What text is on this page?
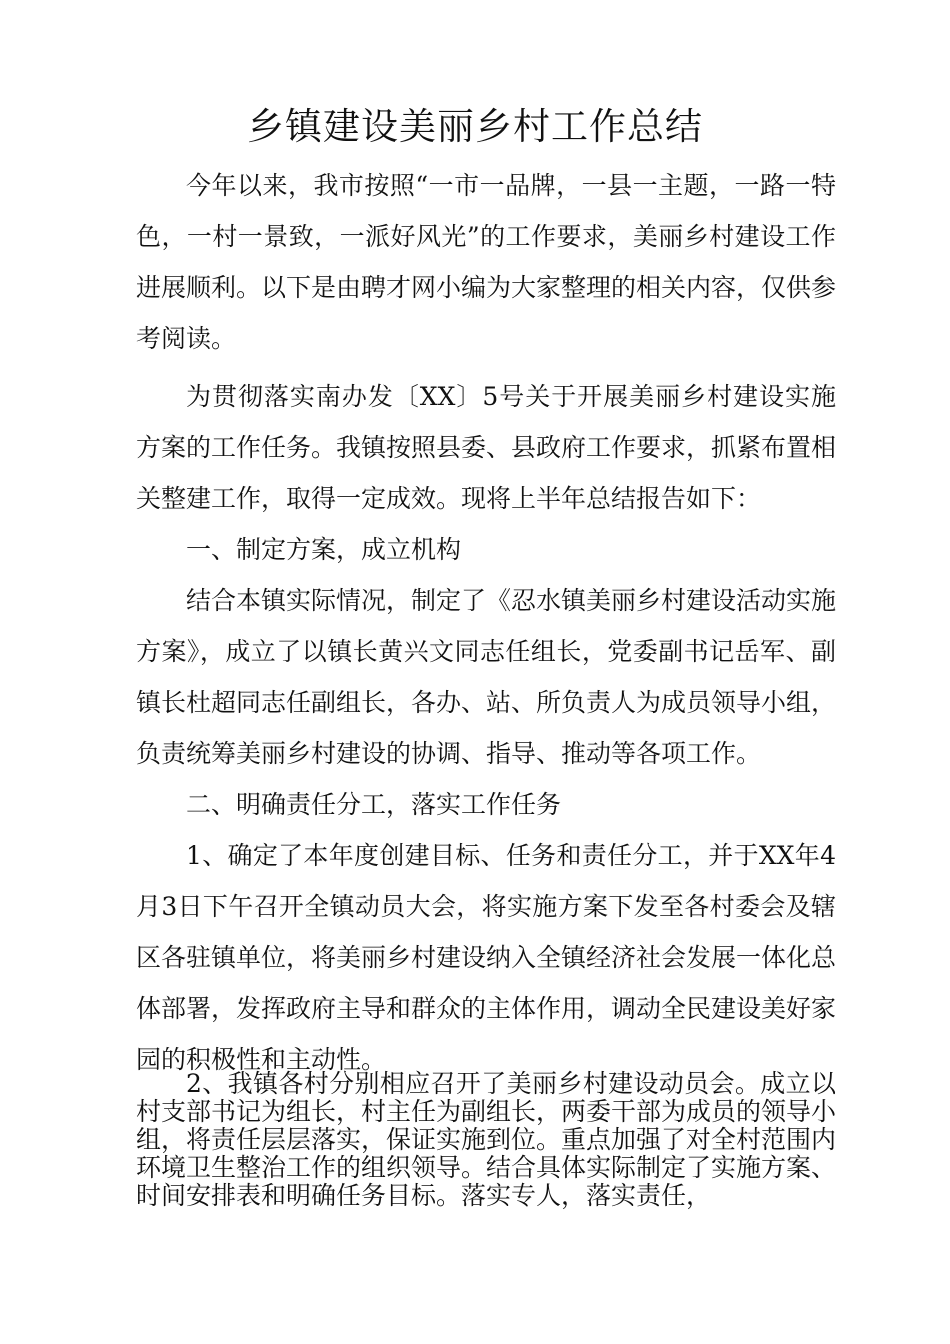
乡镇建设美丽乡村工作总结

今年以来，我市按照“一市一品牌，一县一主题，一路一特色，一村一景致，一派好风光”的工作要求，美丽乡村建设工作进展顺利。以下是由聘才网小编为大家整理的相关内容，仅供参考阅读。

为贯彻落实南办发〔XX〕5号关于开展美丽乡村建设实施方案的工作任务。我镇按照县委、县政府工作要求，抓紧布置相关整建工作，取得一定成效。现将上半年总结报告如下：

一、制定方案，成立机构

结合本镇实际情况，制定了《忍水镇美丽乡村建设活动实施方案》，成立了以镇长黄兴文同志任组长，党委副书记岳军、副镇长杜超同志任副组长，各办、站、所负责人为成员领导小组，负责统筹美丽乡村建设的协调、指导、推动等各项工作。

二、明确责任分工，落实工作任务

1、确定了本年度创建目标、任务和责任分工，并于XX年4月3日下午召开全镇动员大会，将实施方案下发至各村委会及辖区各驻镇单位，将美丽乡村建设纳入全镇经济社会发展一体化总体部署，发挥政府主导和群众的主体作用，调动全民建设美好家园的积极性和主动性。

2、我镇各村分别相应召开了美丽乡村建设动员会。成立以村支部书记为组长，村主任为副组长，两委干部为成员的领导小组，将责任层层落实，保证实施到位。重点加强了对全村范围内环境卫生整治工作的组织领导。结合具体实际制定了实施方案、时间安排表和明确任务目标。落实专人，落实责任，
